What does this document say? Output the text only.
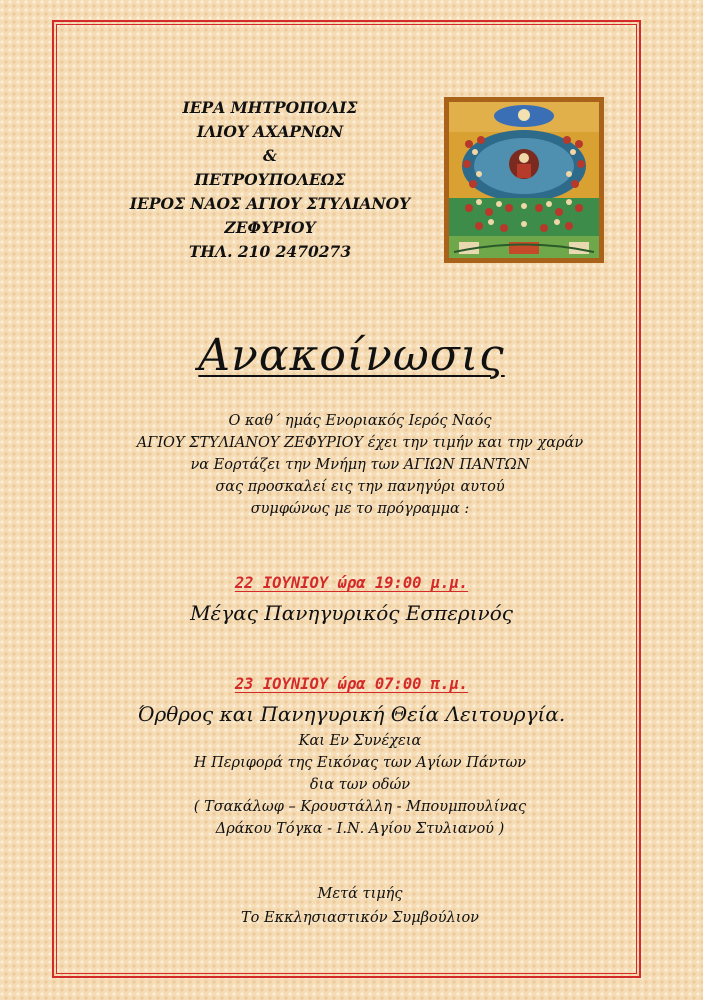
ΙΕΡΑ ΜΗΤΡΟΠΟΛΙΣ
ΙΛΙΟΥ ΑΧΑΡΝΩΝ
&
ΠΕΤΡΟΥΠΟΛΕΩΣ
ΙΕΡΟΣ ΝΑΟΣ ΑΓΙΟΥ ΣΤΥΛΙΑΝΟΥ
ΖΕΦΥΡΙΟΥ
ΤΗΛ. 210 2470273
Ανακοίνωσις
Ο καθ΄ ημάς Ενοριακός Ιερός Ναός
ΑΓΙΟΥ ΣΤΥΛΙΑΝΟΥ ΖΕΦΥΡΙΟΥ έχει την τιμήν και την χαράν
να Εορτάζει την Μνήμη των ΑΓΙΩΝ ΠΑΝΤΩΝ
σας προσκαλεί εις την πανηγύρι αυτού
συμφώνως με το πρόγραμμα :
22 ΙΟΥΝΙΟΥ ώρα 19:00 μ.μ.
Μέγας Πανηγυρικός Εσπερινός
23 ΙΟΥΝΙΟΥ ώρα 07:00 π.μ.
Όρθρος και Πανηγυρική Θεία Λειτουργία.
Και Εν Συνέχεια
Η Περιφορά της Εικόνας των Αγίων Πάντων
δια των οδών
( Τσακάλωφ – Κρουστάλλη - Μπουμπουλίνας
Δράκου Τόγκα - Ι.Ν. Αγίου Στυλιανού )
Μετά τιμής
Το Εκκλησιαστικόν Συμβούλιον
